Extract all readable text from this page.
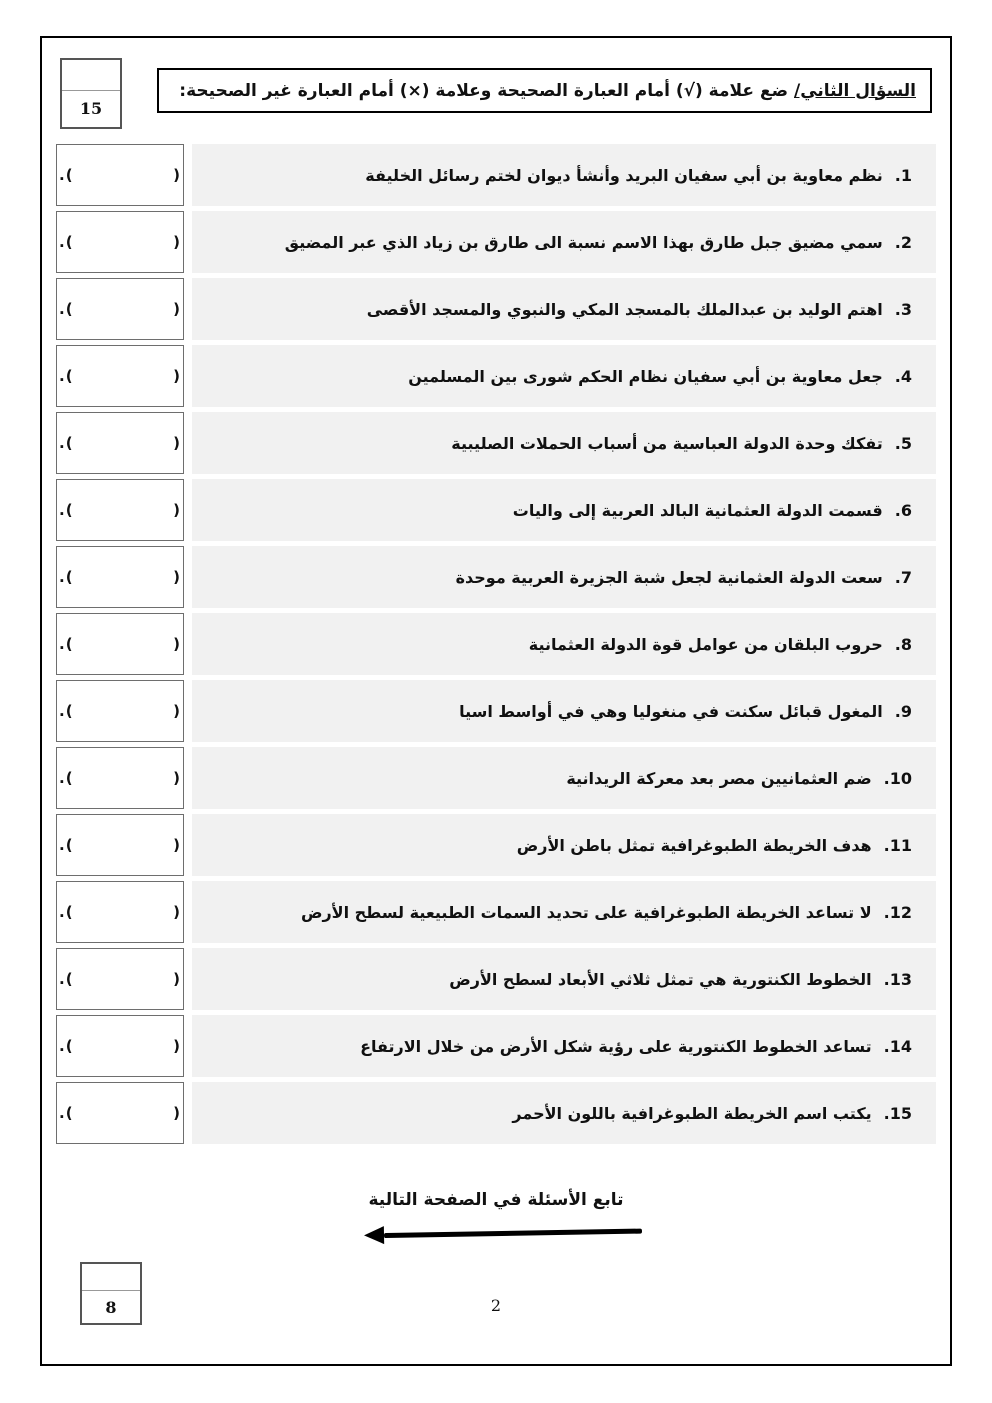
15
السؤال الثاني/
ضع علامة (√) أمام العبارة الصحيحة وعلامة (×) أمام العبارة غير الصحيحة:
.(                )	1.
نظم معاوية بن أبي سفيان البريد وأنشأ ديوان لختم رسائل الخليفة
.(                )	2.
سمي مضيق جبل طارق بهذا الاسم نسبة الى طارق بن زياد الذي عبر المضيق
.(                )	3.
اهتم الوليد بن عبدالملك بالمسجد المكي والنبوي والمسجد الأقصى
.(                )	4.
جعل معاوية بن أبي سفيان نظام الحكم شورى بين المسلمين
.(                )	5.
تفكك وحدة الدولة العباسية من أسباب الحملات الصليبية
.(                )	6.
قسمت الدولة العثمانية البالد العربية إلى واليات
.(                )	7.
سعت الدولة العثمانية لجعل شبة الجزيرة العربية موحدة
.(                )	8.
حروب البلقان من عوامل قوة الدولة العثمانية
.(                )	9.
المغول قبائل سكنت في منغوليا وهي في أواسط اسيا
.(                )	10.
ضم العثمانيين مصر بعد معركة الريدانية
.(                )	11.
هدف الخريطة الطبوغرافية تمثل باطن الأرض
.(                )	12.
لا تساعد الخريطة الطبوغرافية على تحديد السمات الطبيعية لسطح الأرض
.(                )	13.
الخطوط الكنتورية هي تمثل ثلاثي الأبعاد لسطح الأرض
.(                )	14.
تساعد الخطوط الكنتورية على رؤية شكل الأرض من خلال الارتفاع
.(                )	15.
يكتب اسم الخريطة الطبوغرافية باللون الأحمر
تابع الأسئلة في الصفحة التالية
8	2
